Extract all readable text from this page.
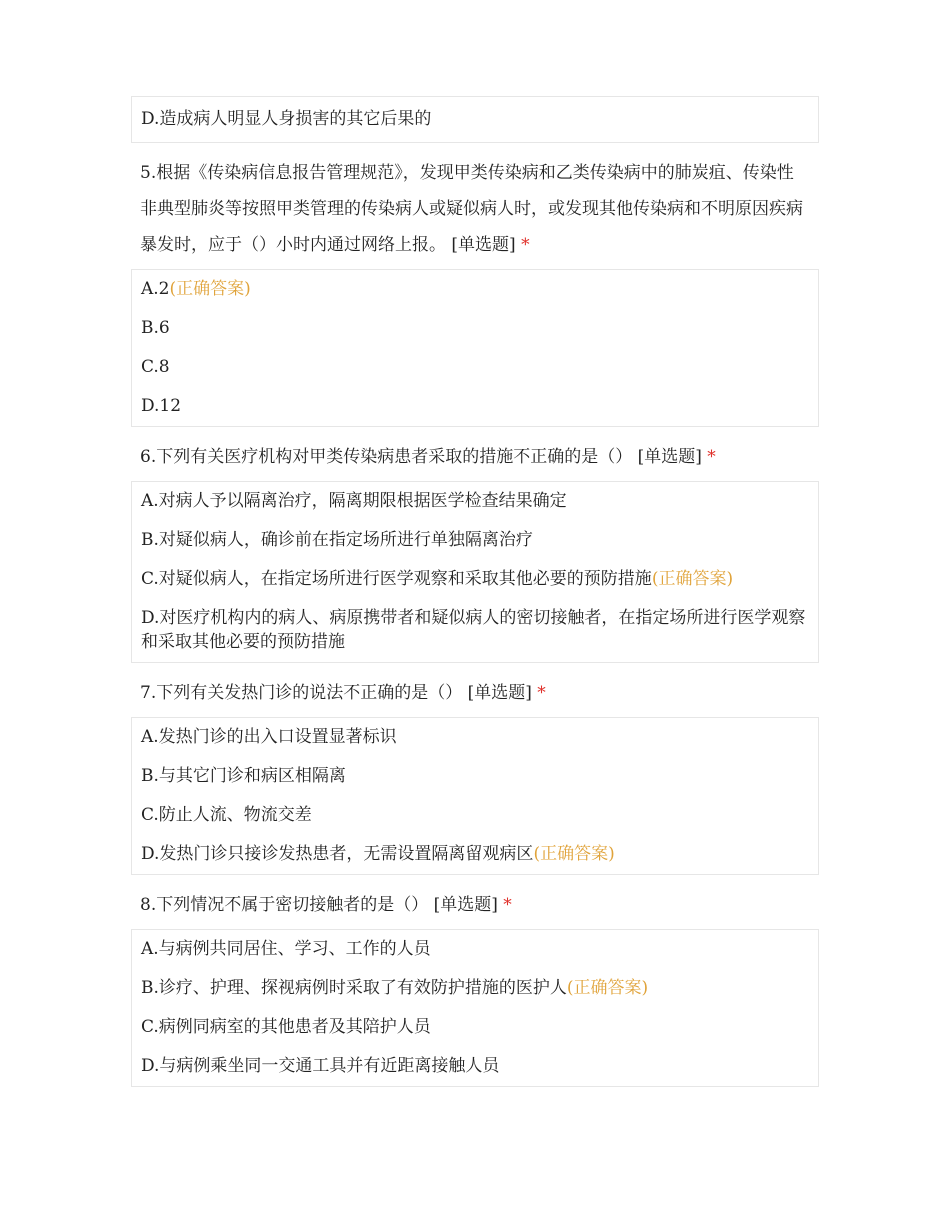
D.造成病人明显人身损害的其它后果的
5.根据《传染病信息报告管理规范》，发现甲类传染病和乙类传染病中的肺炭疽、传染性非典型肺炎等按照甲类管理的传染病人或疑似病人时，或发现其他传染病和不明原因疾病暴发时，应于（）小时内通过网络上报。 [单选题] *
A.2(正确答案)
B.6
C.8
D.12
6.下列有关医疗机构对甲类传染病患者采取的措施不正确的是（） [单选题] *
A.对病人予以隔离治疗，隔离期限根据医学检查结果确定
B.对疑似病人，确诊前在指定场所进行单独隔离治疗
C.对疑似病人，在指定场所进行医学观察和采取其他必要的预防措施(正确答案)
D.对医疗机构内的病人、病原携带者和疑似病人的密切接触者，在指定场所进行医学观察和采取其他必要的预防措施
7.下列有关发热门诊的说法不正确的是（） [单选题] *
A.发热门诊的出入口设置显著标识
B.与其它门诊和病区相隔离
C.防止人流、物流交差
D.发热门诊只接诊发热患者，无需设置隔离留观病区(正确答案)
8.下列情况不属于密切接触者的是（） [单选题] *
A.与病例共同居住、学习、工作的人员
B.诊疗、护理、探视病例时采取了有效防护措施的医护人(正确答案)
C.病例同病室的其他患者及其陪护人员
D.与病例乘坐同一交通工具并有近距离接触人员
